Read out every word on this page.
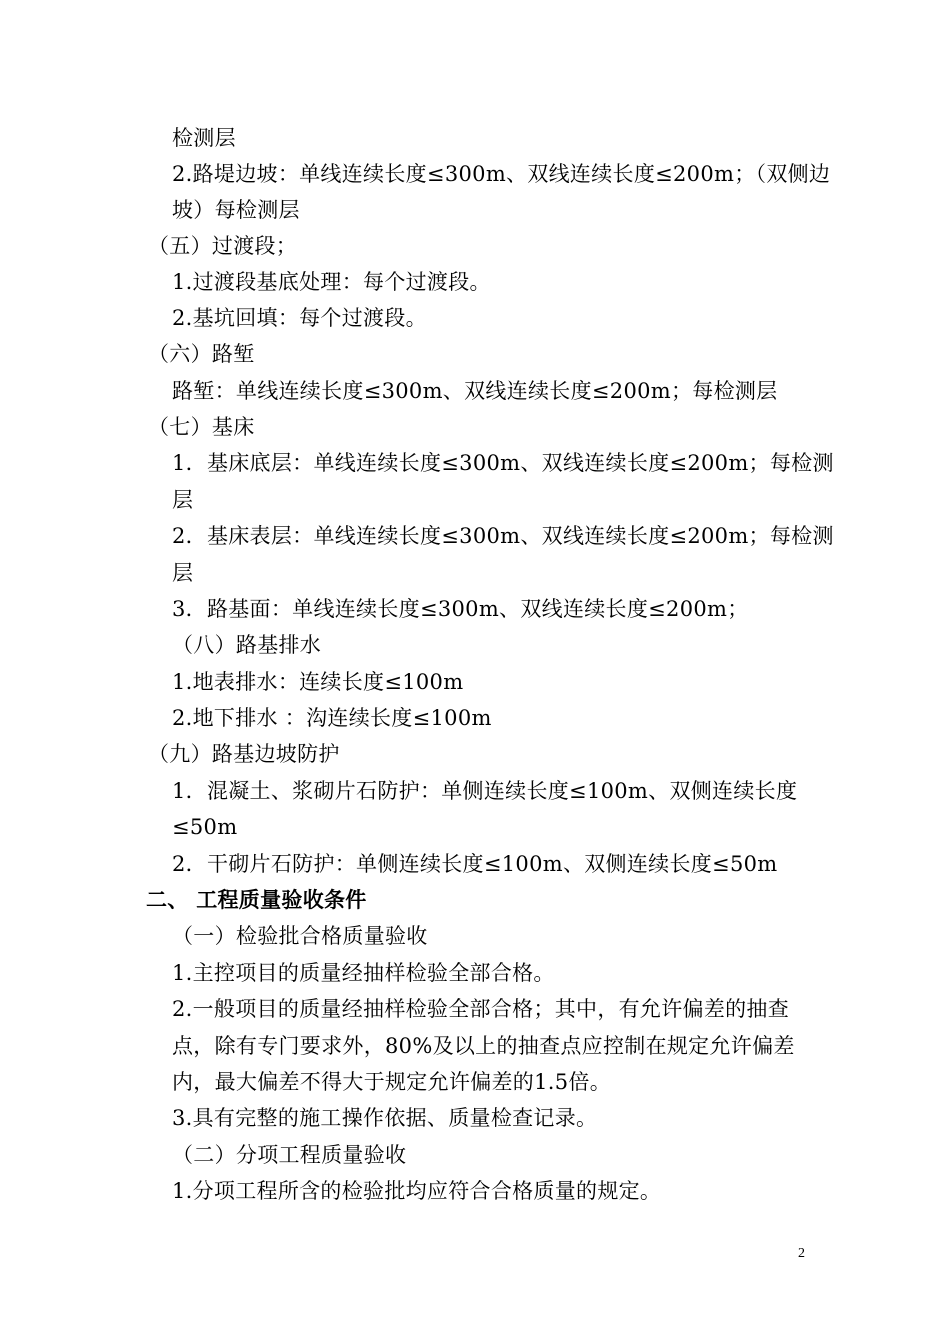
检测层
2.路堤边坡：单线连续长度≤300m、双线连续长度≤200m；（双侧边
坡）每检测层
（五）过渡段；
1.过渡段基底处理：每个过渡段。
2.基坑回填：每个过渡段。
（六）路堑
路堑：单线连续长度≤300m、双线连续长度≤200m；每检测层
（七）基床
1．基床底层：单线连续长度≤300m、双线连续长度≤200m；每检测
层
2．基床表层：单线连续长度≤300m、双线连续长度≤200m；每检测
层
3．路基面：单线连续长度≤300m、双线连续长度≤200m；
（八）路基排水
1.地表排水：连续长度≤100m
2.地下排水 ：沟连续长度≤100m
（九）路基边坡防护
1．混凝土、浆砌片石防护：单侧连续长度≤100m、双侧连续长度
≤50m
2．干砌片石防护：单侧连续长度≤100m、双侧连续长度≤50m
二、 工程质量验收条件
（一）检验批合格质量验收
1.主控项目的质量经抽样检验全部合格。
2.一般项目的质量经抽样检验全部合格；其中，有允许偏差的抽查
点，除有专门要求外，80%及以上的抽查点应控制在规定允许偏差
内，最大偏差不得大于规定允许偏差的1.5倍。
3.具有完整的施工操作依据、质量检查记录。
（二）分项工程质量验收
1.分项工程所含的检验批均应符合合格质量的规定。
2
